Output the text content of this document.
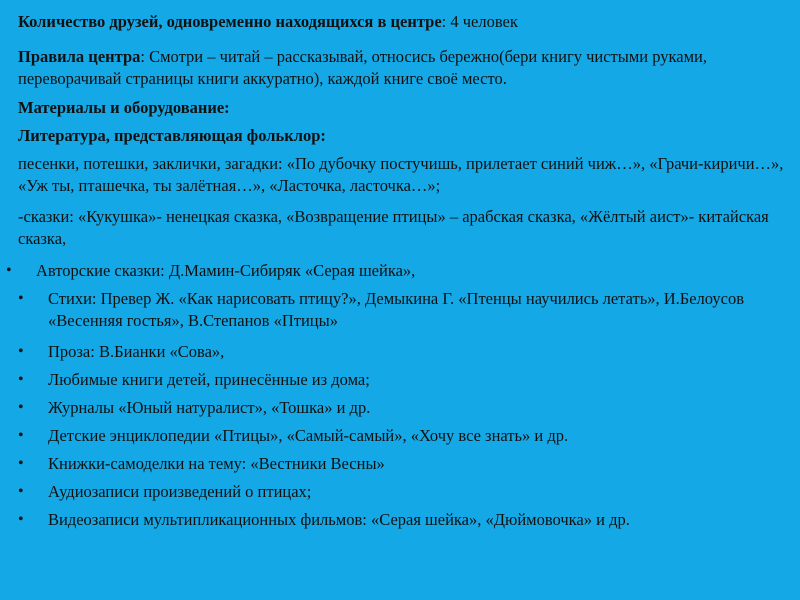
Количество друзей, одновременно находящихся в центре: 4 человек
Правила центра: Смотри – читай – рассказывай, относись бережно(бери книгу чистыми руками, переворачивай страницы книги аккуратно), каждой книге своё место.
Материалы и оборудование:
Литература, представляющая фольклор:
песенки, потешки, заклички, загадки: «По дубочку постучишь, прилетает синий чиж…», «Грачи-киричи…», «Уж ты, пташечка, ты залётная…», «Ласточка, ласточка…»;
-сказки: «Кукушка»- ненецкая сказка, «Возвращение птицы» – арабская сказка, «Жёлтый аист»- китайская сказка,
•	Авторские сказки: Д.Мамин-Сибиряк «Серая шейка»,
•	Стихи: Превер Ж. «Как нарисовать птицу?», Демыкина Г. «Птенцы научились летать», И.Белоусов «Весенняя гостья», В.Степанов «Птицы»
•	Проза: В.Бианки «Сова»,
•	Любимые книги детей, принесённые из дома;
•	Журналы «Юный натуралист», «Тошка» и др.
•	Детские энциклопедии «Птицы», «Самый-самый», «Хочу все знать» и др.
•	Книжки-самоделки на тему: «Вестники Весны»
•	Аудиозаписи произведений о птицах;
•	Видеозаписи мультипликационных фильмов: «Серая шейка», «Дюймовочка» и др.
